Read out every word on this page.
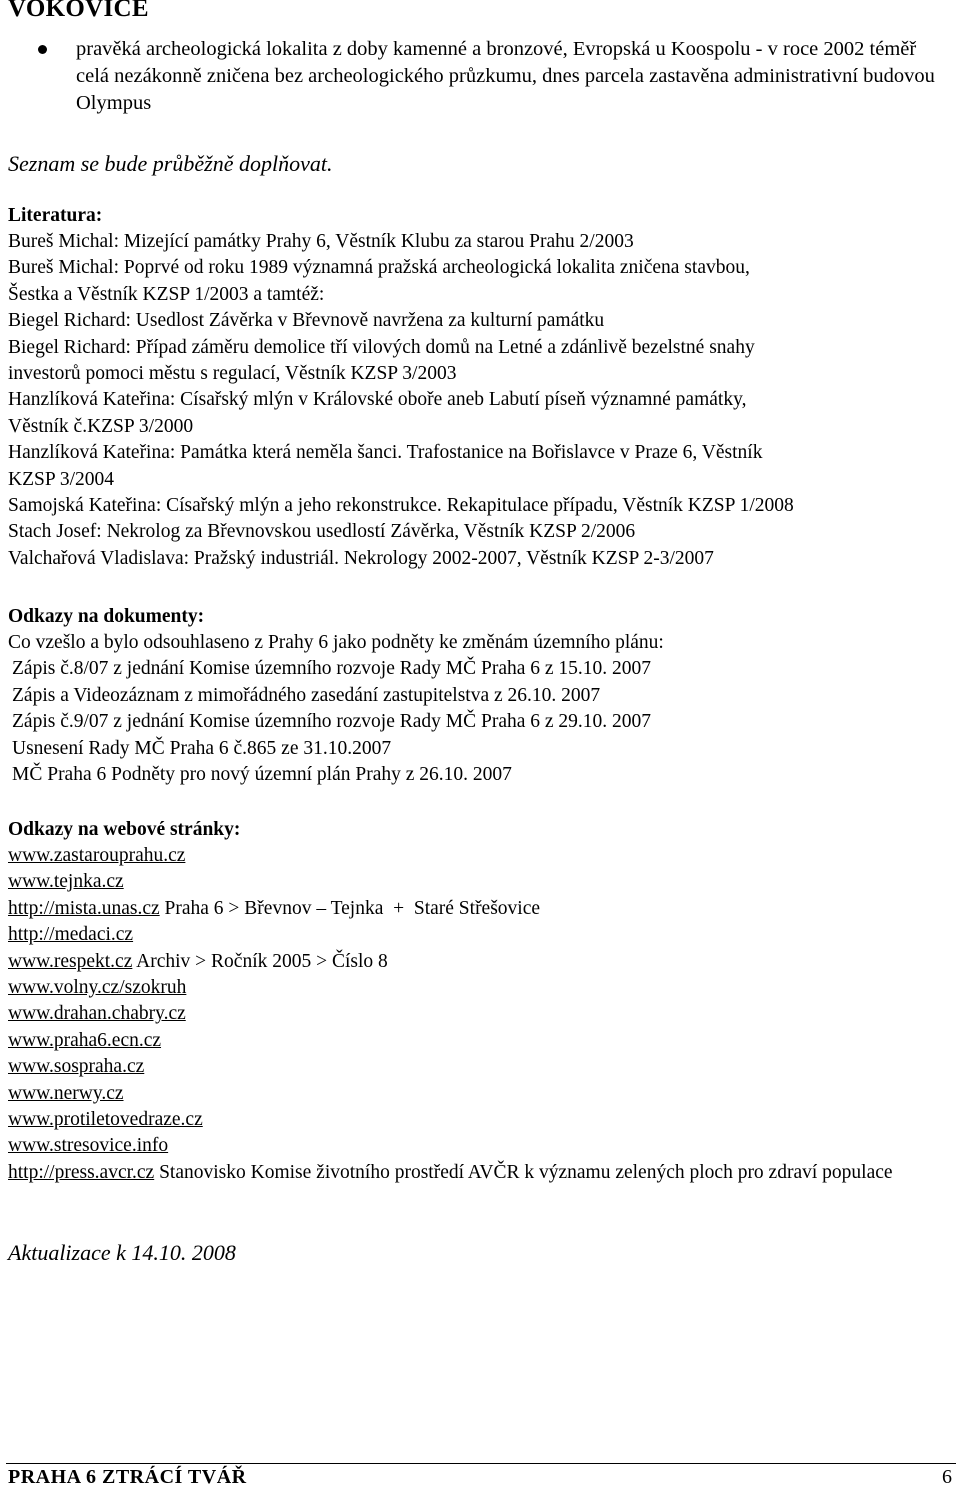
VOKOVICE
pravěká archeologická lokalita z doby kamenné a bronzové, Evropská u Koospolu - v roce 2002 téměř celá nezákonně zničena bez archeologického průzkumu, dnes parcela zastavěna administrativní budovou Olympus
Seznam se bude průběžně doplňovat.
Literatura:
Bureš Michal: Mizející památky Prahy 6, Věstník Klubu za starou Prahu 2/2003
Bureš Michal: Poprvé od roku 1989 významná pražská archeologická lokalita zničena stavbou,
Šestka a Věstník KZSP 1/2003 a tamtéž:
Biegel Richard: Usedlost Závěrka v Břevnově navržena za kulturní památku
Biegel Richard: Případ záměru demolice tří vilových domů na Letné a zdánlivě bezelstné snahy
investorů pomoci městu s regulací, Věstník KZSP 3/2003
Hanzlíková Kateřina: Císařský mlýn v Královské oboře aneb Labutí píseň významné památky,
Věstník č.KZSP 3/2000
Hanzlíková Kateřina: Památka která neměla šanci. Trafostanice na Bořislavce v Praze 6, Věstník
KZSP 3/2004
Samojská Kateřina: Císařský mlýn a jeho rekonstrukce. Rekapitulace případu, Věstník KZSP 1/2008
Stach Josef: Nekrolog za Břevnovskou usedlostí Závěrka, Věstník KZSP 2/2006
Valchařová Vladislava: Pražský industriál. Nekrology 2002-2007, Věstník KZSP 2-3/2007
Odkazy na dokumenty:
Co vzešlo a bylo odsouhlaseno z Prahy 6 jako podněty ke změnám územního plánu:
Zápis č.8/07 z jednání Komise územního rozvoje Rady MČ Praha 6 z 15.10. 2007
Zápis a Videozáznam z mimořádného zasedání zastupitelstva z 26.10. 2007
Zápis č.9/07 z jednání Komise územního rozvoje Rady MČ Praha 6 z 29.10. 2007
Usnesení Rady MČ Praha 6 č.865 ze 31.10.2007
MČ Praha 6 Podněty pro nový územní plán Prahy z 26.10. 2007
Odkazy na webové stránky:
www.zastarouprahu.cz
www.tejnka.cz
http://mista.unas.cz Praha 6 > Břevnov – Tejnka  +  Staré Střešovice
http://medaci.cz
www.respekt.cz Archiv > Ročník 2005 > Číslo 8
www.volny.cz/szokruh
www.drahan.chabry.cz
www.praha6.ecn.cz
www.sospraha.cz
www.nerwy.cz
www.protiletovedraze.cz
www.stresovice.info
http://press.avcr.cz Stanovisko Komise životního prostředí AVČR k významu zelených ploch pro zdraví populace
Aktualizace k 14.10. 2008
PRAHA 6 ZTRÁCÍ TVÁŘ	6
